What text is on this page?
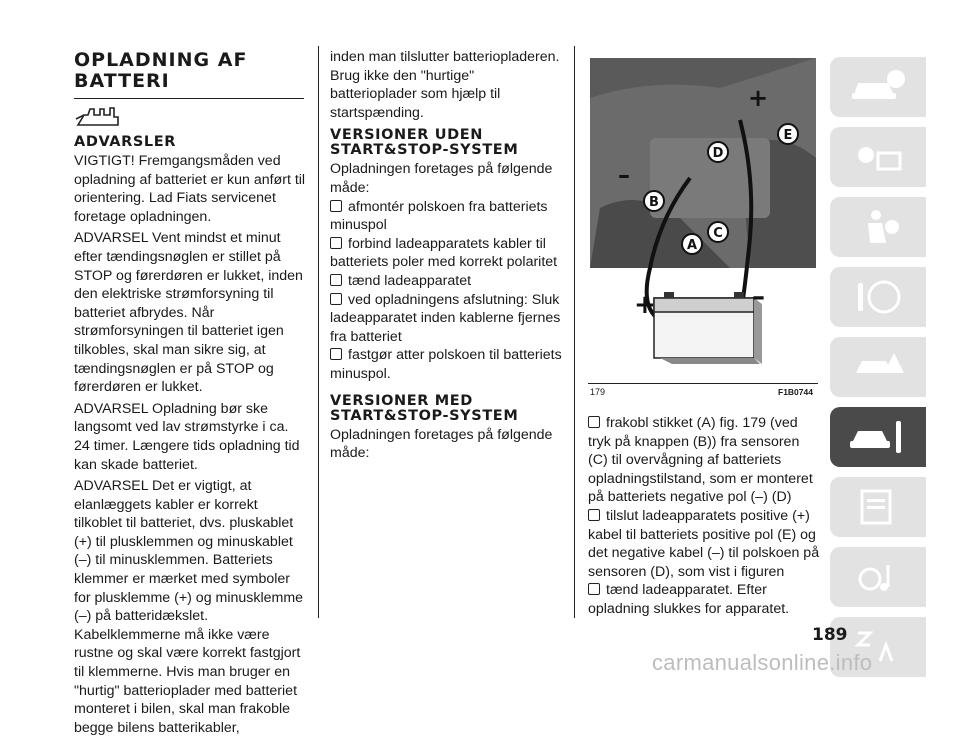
OPLADNING AF
BATTERI
ADVARSLER

VIGTIGT! Fremgangsmåden ved opladning af batteriet er kun anført til orientering. Lad Fiats servicenet foretage opladningen.

ADVARSEL Vent mindst et minut efter tændingsnøglen er stillet på STOP og førerdøren er lukket, inden den elektriske strømforsyning til batteriet afbrydes. Når strømforsyningen til batteriet igen tilkobles, skal man sikre sig, at tændingsnøglen er på STOP og førerdøren er lukket.

ADVARSEL Opladning bør ske langsomt ved lav strømstyrke i ca. 24 timer. Længere tids opladning tid kan skade batteriet.

ADVARSEL Det er vigtigt, at elanlæggets kabler er korrekt tilkoblet til batteriet, dvs. pluskablet (+) til plusklemmen og minuskablet (–) til minusklemmen. Batteriets klemmer er mærket med symboler for plusklemme (+) og minusklemme (–) på batteridækslet. Kabelklemmerne må ikke være rustne og skal være korrekt fastgjort til klemmerne. Hvis man bruger en "hurtig" batterioplader med batteriet monteret i bilen, skal man frakoble begge bilens batterikabler,

inden man tilslutter batteriopladeren. Brug ikke den "hurtige" batterioplader som hjælp til startspænding.

VERSIONER UDEN
START&STOP-SYSTEM

Opladningen foretages på følgende måde:

afmontér polskoen fra batteriets minuspol
forbind ladeapparatets kabler til batteriets poler med korrekt polaritet
tænd ladeapparatet
ved opladningens afslutning: Sluk ladeapparatet inden kablerne fjernes fra batteriet
fastgør atter polskoen til batteriets minuspol.
VERSIONER MED
START&STOP-SYSTEM

Opladningen foretages på følgende måde:

+	–
+
–
A
B
C
D
E
179	F1B0744
frakobl stikket (A) fig. 179 (ved tryk på knappen (B)) fra sensoren (C) til overvågning af batteriets opladningstilstand, som er monteret på batteriets negative pol (–) (D)
tilslut ladeapparatets positive (+) kabel til batteriets positive pol (E) og det negative kabel (–) til polskoen på sensoren (D), som vist i figuren
tænd ladeapparatet. Efter opladning slukkes for apparatet.
189
carmanualsonline.info
